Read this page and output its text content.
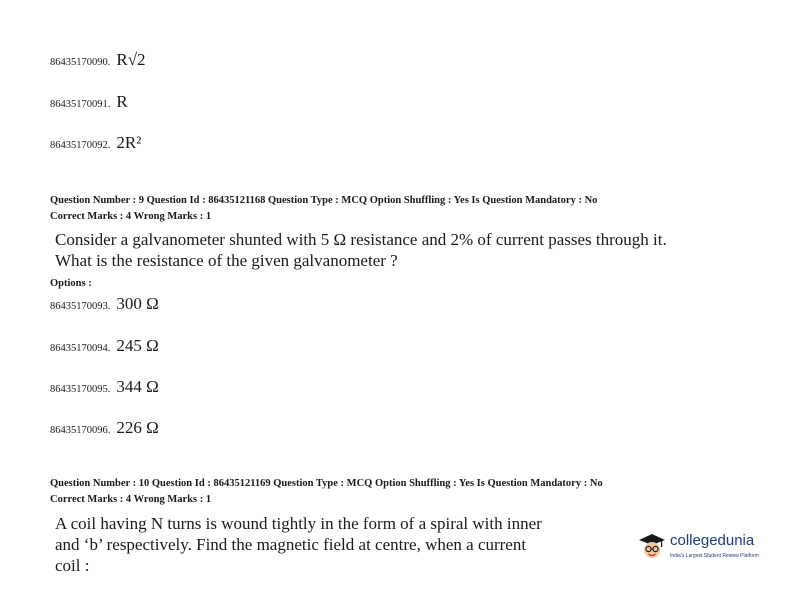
86435170090. R√2
86435170091. R
86435170092. 2R²
Question Number : 9 Question Id : 86435121168 Question Type : MCQ Option Shuffling : Yes Is Question Mandatory : No
Correct Marks : 4 Wrong Marks : 1
Consider a galvanometer shunted with 5 Ω resistance and 2% of current passes through it.
What is the resistance of the given galvanometer ?
Options :
86435170093. 300 Ω
86435170094. 245 Ω
86435170095. 344 Ω
86435170096. 226 Ω
Question Number : 10 Question Id : 86435121169 Question Type : MCQ Option Shuffling : Yes Is Question Mandatory : No
Correct Marks : 4 Wrong Marks : 1
A coil having N turns is wound tightly in the form of a spiral with inner
and ‘b’ respectively. Find the magnetic field at centre, when a current
coil :
collegedunia
India's Largest Student Review Platform
